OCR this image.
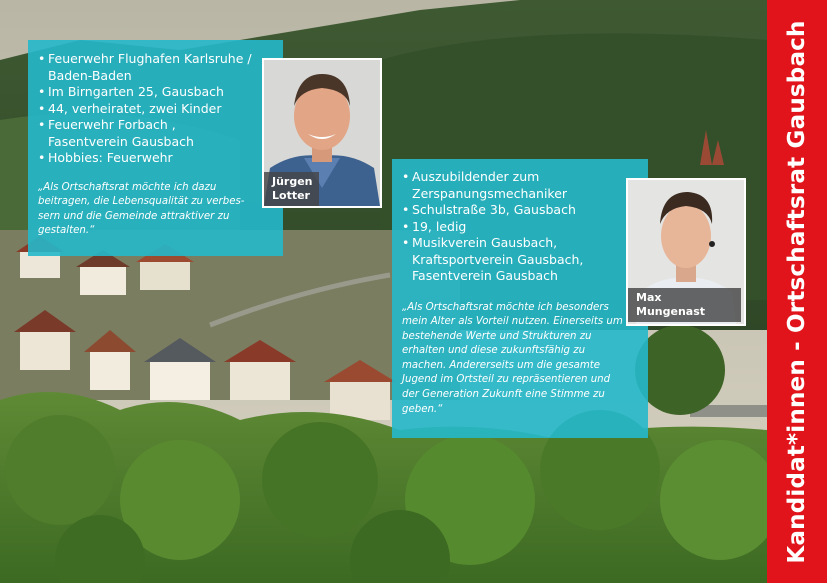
Kandidat*innen - Ortschaftsrat Gausbach
• Feuerwehr Flughafen Karlsruhe / Baden-Baden
• Im Birngarten 25, Gausbach
• 44, verheiratet, zwei Kinder
• Feuerwehr Forbach , Fasentverein Gausbach
• Hobbies: Feuerwehr
„Als Ortschaftsrat möchte ich dazu beitragen, die Lebensqualität zu verbes-sern und die Gemeinde attraktiver zu gestalten.“
Jürgen
Lotter
• Auszubildender zum Zerspanungsmechaniker
• Schulstraße 3b, Gausbach
• 19, ledig
• Musikverein Gausbach, Kraftsportverein Gausbach, Fasentverein Gausbach
„Als Ortschaftsrat möchte ich besonders mein Alter als Vorteil nutzen. Einerseits um bestehende Werte und Strukturen zu erhalten und diese zukunftsfähig zu machen. Andererseits um die gesamte Jugend im Ortsteil zu repräsentieren und der Generation Zukunft eine Stimme zu geben.“
Max
Mungenast
